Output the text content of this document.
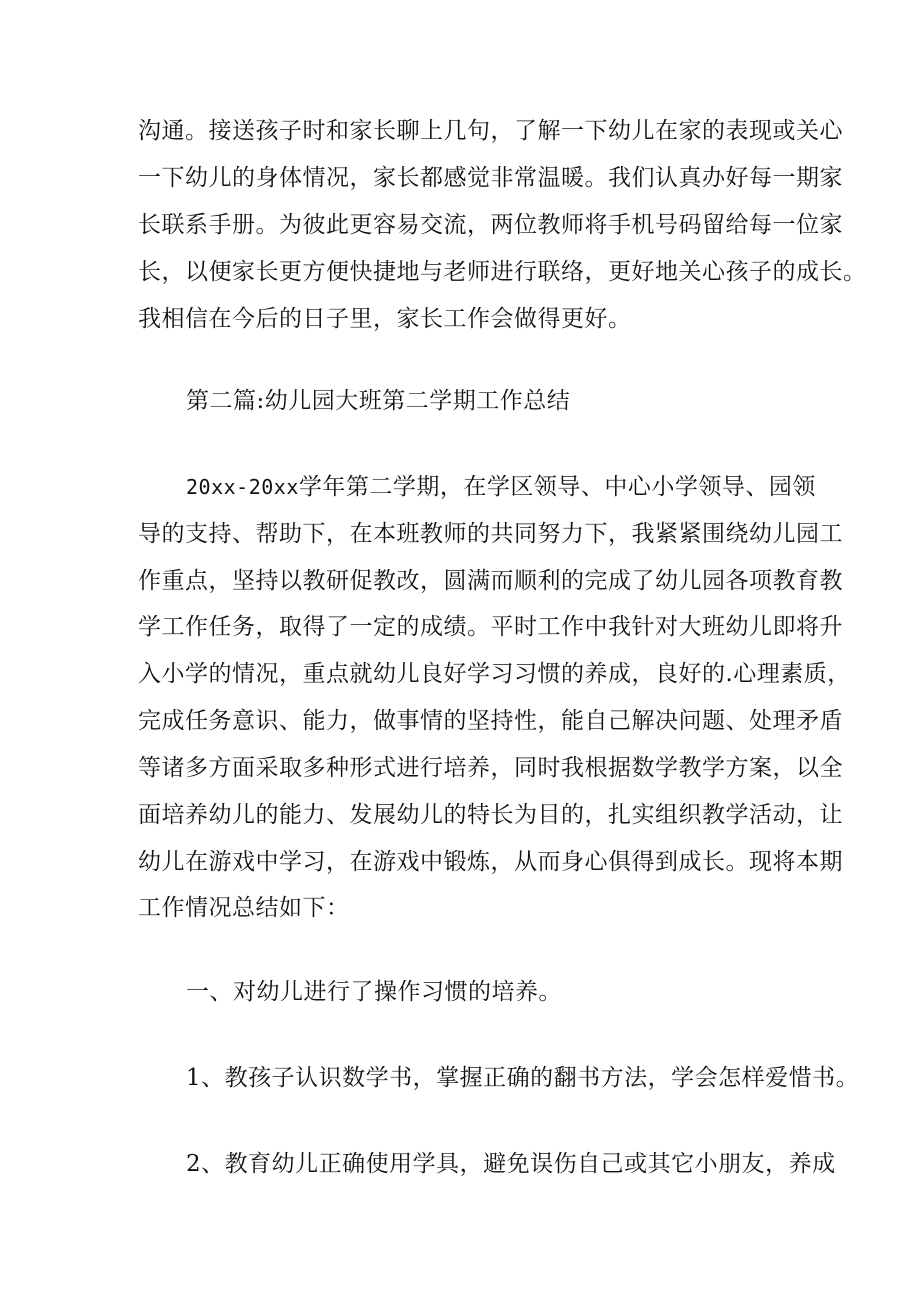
沟通。接送孩子时和家长聊上几句，了解一下幼儿在家的表现或关心
一下幼儿的身体情况，家长都感觉非常温暖。我们认真办好每一期家
长联系手册。为彼此更容易交流，两位教师将手机号码留给每一位家
长，以便家长更方便快捷地与老师进行联络，更好地关心孩子的成长。
我相信在今后的日子里，家长工作会做得更好。
第二篇:幼儿园大班第二学期工作总结
20xx-20xx学年第二学期，在学区领导、中心小学领导、园领
导的支持、帮助下，在本班教师的共同努力下，我紧紧围绕幼儿园工
作重点，坚持以教研促教改，圆满而顺利的完成了幼儿园各项教育教
学工作任务，取得了一定的成绩。平时工作中我针对大班幼儿即将升
入小学的情况，重点就幼儿良好学习习惯的养成，良好的.心理素质，
完成任务意识、能力，做事情的坚持性，能自己解决问题、处理矛盾
等诸多方面采取多种形式进行培养，同时我根据数学教学方案，以全
面培养幼儿的能力、发展幼儿的特长为目的，扎实组织教学活动，让
幼儿在游戏中学习，在游戏中锻炼，从而身心俱得到成长。现将本期
工作情况总结如下：
一、对幼儿进行了操作习惯的培养。
1、教孩子认识数学书，掌握正确的翻书方法，学会怎样爱惜书。
2、教育幼儿正确使用学具，避免误伤自己或其它小朋友，养成
